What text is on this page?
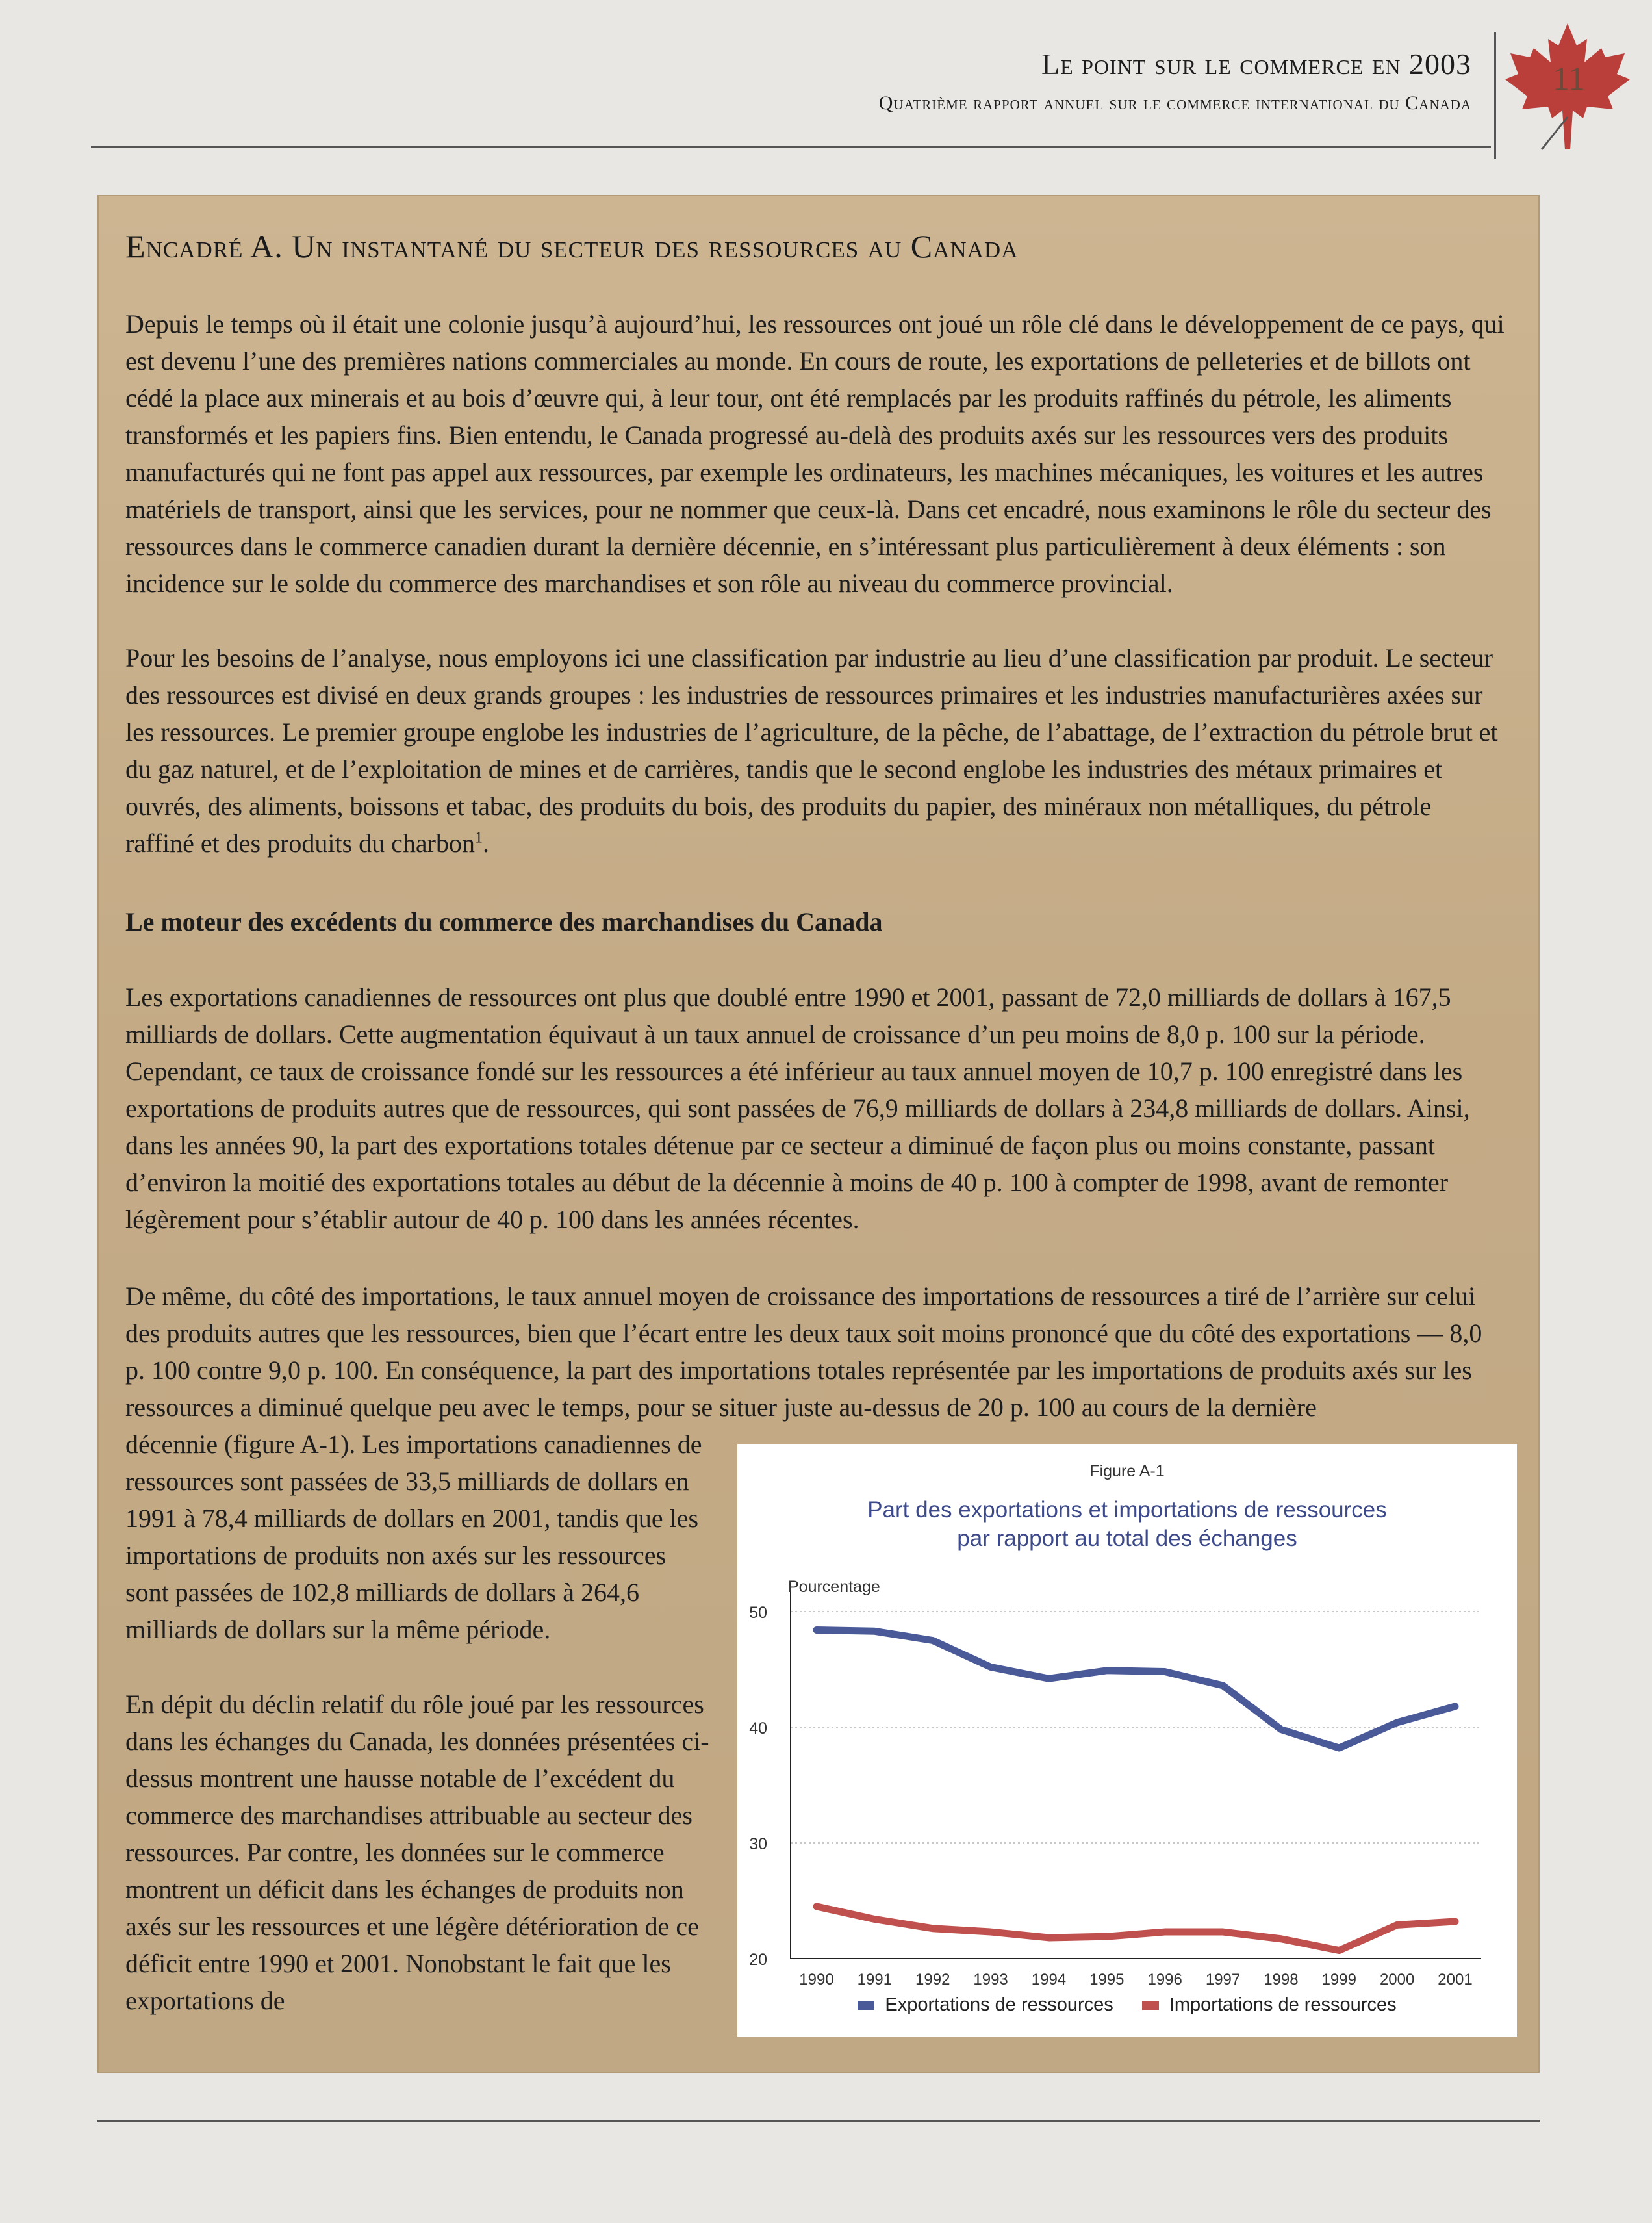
Le point sur le commerce en 2003
Quatrième rapport annuel sur le commerce international du Canada
11
Encadré A. Un instantané du secteur des ressources au Canada

Depuis le temps où il était une colonie jusqu’à aujourd’hui, les ressources ont joué un rôle clé dans le développement de ce pays, qui est devenu l’une des premières nations commerciales au monde. En cours de route, les exportations de pelleteries et de billots ont cédé la place aux minerais et au bois d’œuvre qui, à leur tour, ont été remplacés par les produits raffinés du pétrole, les aliments transformés et les papiers fins. Bien entendu, le Canada progressé au-delà des produits axés sur les ressources vers des produits manufacturés qui ne font pas appel aux ressources, par exemple les ordinateurs, les machines mécaniques, les voitures et les autres matériels de transport, ainsi que les services, pour ne nommer que ceux-là. Dans cet encadré, nous examinons le rôle du secteur des ressources dans le commerce canadien durant la dernière décennie, en s’intéressant plus particulièrement à deux éléments : son incidence sur le solde du commerce des marchandises et son rôle au niveau du commerce provincial.

Pour les besoins de l’analyse, nous employons ici une classification par industrie au lieu d’une classification par produit. Le secteur des ressources est divisé en deux grands groupes : les industries de ressources primaires et les industries manufacturières axées sur les ressources. Le premier groupe englobe les industries de l’agriculture, de la pêche, de l’abattage, de l’extraction du pétrole brut et du gaz naturel, et de l’exploitation de mines et de carrières, tandis que le second englobe les industries des métaux primaires et ouvrés, des aliments, boissons et tabac, des produits du bois, des produits du papier, des minéraux non métalliques, du pétrole raffiné et des produits du charbon$^1$.

Le moteur des excédents du commerce des marchandises du Canada

Les exportations canadiennes de ressources ont plus que doublé entre 1990 et 2001, passant de 72,0 milliards de dollars à 167,5 milliards de dollars. Cette augmentation équivaut à un taux annuel de croissance d’un peu moins de 8,0 p. 100 sur la période. Cependant, ce taux de croissance fondé sur les ressources a été inférieur au taux annuel moyen de 10,7 p. 100 enregistré dans les exportations de produits autres que de ressources, qui sont passées de 76,9 milliards de dollars à 234,8 milliards de dollars. Ainsi, dans les années 90, la part des exportations totales détenue par ce secteur a diminué de façon plus ou moins constante, passant d’environ la moitié des exportations totales au début de la décennie à moins de 40 p. 100 à compter de 1998, avant de remonter légèrement pour s’établir autour de 40 p. 100 dans les années récentes.

De même, du côté des importations, le taux annuel moyen de croissance des importations de ressources a tiré de l’arrière sur celui des produits autres que les ressources, bien que l’écart entre les deux taux soit moins prononcé que du côté des exportations — 8,0 p. 100 contre 9,0 p. 100. En conséquence, la part des importations totales représentée par les importations de produits axés sur les ressources a diminué quelque peu avec le temps, pour se situer juste au-dessus de 20 p. 100 au cours de la dernière

décennie (figure A-1). Les importations canadiennes de ressources sont passées de 33,5 milliards de dollars en 1991 à 78,4 milliards de dollars en 2001, tandis que les importations de produits non axés sur les ressources sont passées de 102,8 milliards de dollars à 264,6 milliards de dollars sur la même période.

En dépit du déclin relatif du rôle joué par les ressources dans les échanges du Canada, les données présentées ci-dessus montrent une hausse notable de l’excédent du commerce des marchandises attribuable au secteur des ressources. Par contre, les données sur le commerce montrent un déficit dans les échanges de produits non axés sur les ressources et une légère détérioration de ce déficit entre 1990 et 2001. Nonobstant le fait que les exportations de

Figure A-1
Part des exportations et importations de ressources
par rapport au total des échanges
20
30
40
50
Pourcentage
1990 1991 1992 1993 1994 1995 1996 1997 1998 1999 2000 2001
Exportations de ressources	Importations de ressources
